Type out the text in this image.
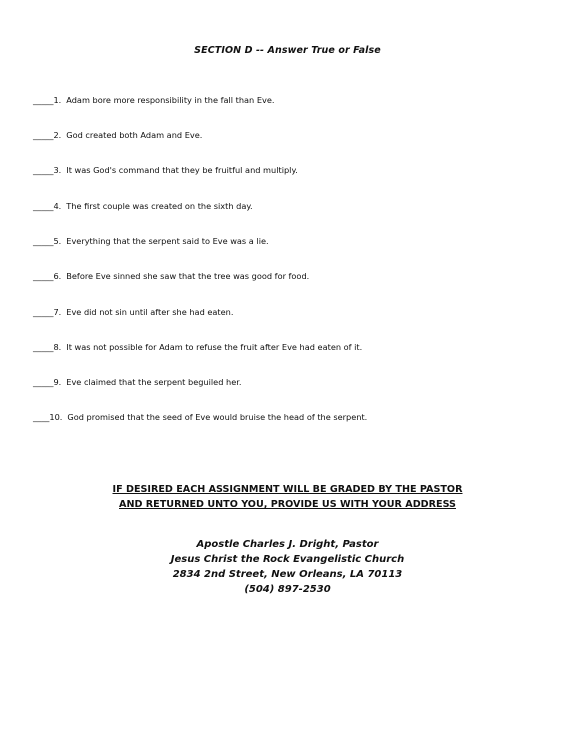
SECTION D -- Answer True or False
_____1. Adam bore more responsibility in the fall than Eve.
_____2. God created both Adam and Eve.
_____3. It was God's command that they be fruitful and multiply.
_____4. The first couple was created on the sixth day.
_____5. Everything that the serpent said to Eve was a lie.
_____6. Before Eve sinned she saw that the tree was good for food.
_____7. Eve did not sin until after she had eaten.
_____8. It was not possible for Adam to refuse the fruit after Eve had eaten of it.
_____9. Eve claimed that the serpent beguiled her.
____10. God promised that the seed of Eve would bruise the head of the serpent.
IF DESIRED EACH ASSIGNMENT WILL BE GRADED BY THE PASTOR
AND RETURNED UNTO YOU, PROVIDE US WITH YOUR ADDRESS
Apostle Charles J. Dright, Pastor
Jesus Christ the Rock Evangelistic Church
2834 2nd Street, New Orleans, LA 70113
(504) 897-2530
